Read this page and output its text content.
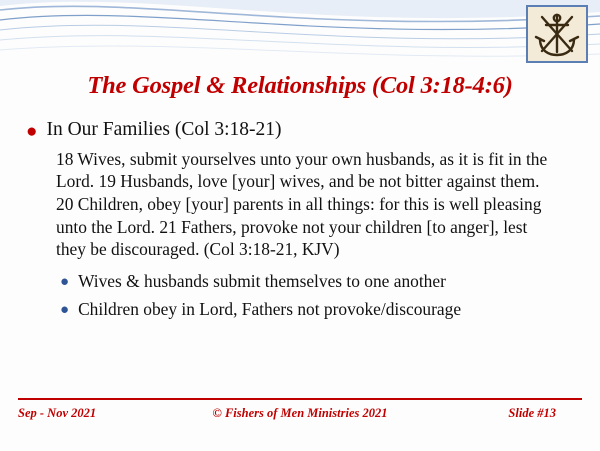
The Gospel & Relationships (Col 3:18-4:6)
● In Our Families (Col 3:18-21)
18 Wives, submit yourselves unto your own husbands, as it is fit in the Lord. 19 Husbands, love [your] wives, and be not bitter against them. 20 Children, obey [your] parents in all things: for this is well pleasing unto the Lord. 21 Fathers, provoke not your children [to anger], lest they be discouraged. (Col 3:18-21, KJV)
● Wives & husbands submit themselves to one another
● Children obey in Lord, Fathers not provoke/discourage
Sep - Nov 2021	© Fishers of Men Ministries 2021	Slide #13
